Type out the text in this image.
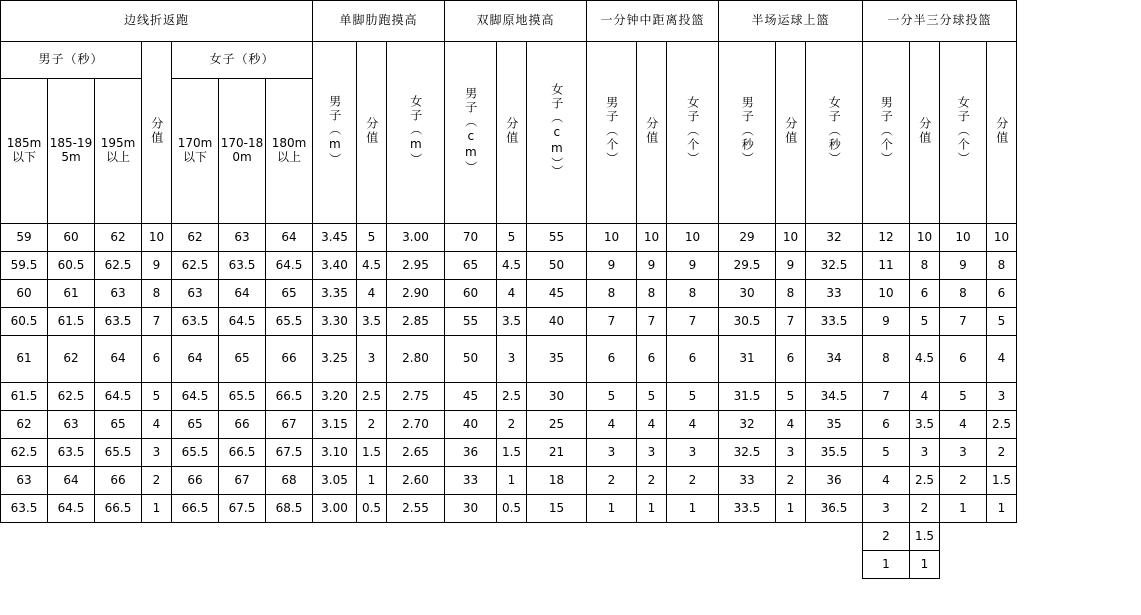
边线折返跑							单脚肋跑摸高			双脚原地摸高			一分钟中距离投篮			半场运球上篮			一分半三分球投篮			
男子（秒）			分值	女子（秒）			男子（m）	分值	女子（m）	男子（cm）	分值	女子（cm））	男子（个）	分值	女子（个）	男子（秒）	分值	女子（秒）	男子（个）	分值	女子（个）	分值
185m以下	185-195m	195m以上		170m以下	170-180m	180m以上																
59	60	62	10	62	63	64	3.45	5	3.00	70	5	55	10	10	10	29	10	32	12	10	10	10
59.5	60.5	62.5	9	62.5	63.5	64.5	3.40	4.5	2.95	65	4.5	50	9	9	9	29.5	9	32.5	11	8	9	8
60	61	63	8	63	64	65	3.35	4	2.90	60	4	45	8	8	8	30	8	33	10	6	8	6
60.5	61.5	63.5	7	63.5	64.5	65.5	3.30	3.5	2.85	55	3.5	40	7	7	7	30.5	7	33.5	9	5	7	5
61	62	64	6	64	65	66	3.25	3	2.80	50	3	35	6	6	6	31	6	34	8	4.5	6	4
61.5	62.5	64.5	5	64.5	65.5	66.5	3.20	2.5	2.75	45	2.5	30	5	5	5	31.5	5	34.5	7	4	5	3
62	63	65	4	65	66	67	3.15	2	2.70	40	2	25	4	4	4	32	4	35	6	3.5	4	2.5
62.5	63.5	65.5	3	65.5	66.5	67.5	3.10	1.5	2.65	36	1.5	21	3	3	3	32.5	3	35.5	5	3	3	2
63	64	66	2	66	67	68	3.05	1	2.60	33	1	18	2	2	2	33	2	36	4	2.5	2	1.5
63.5	64.5	66.5	1	66.5	67.5	68.5	3.00	0.5	2.55	30	0.5	15	1	1	1	33.5	1	36.5	3	2	1	1
																			2	1.5		
																			1	1		
